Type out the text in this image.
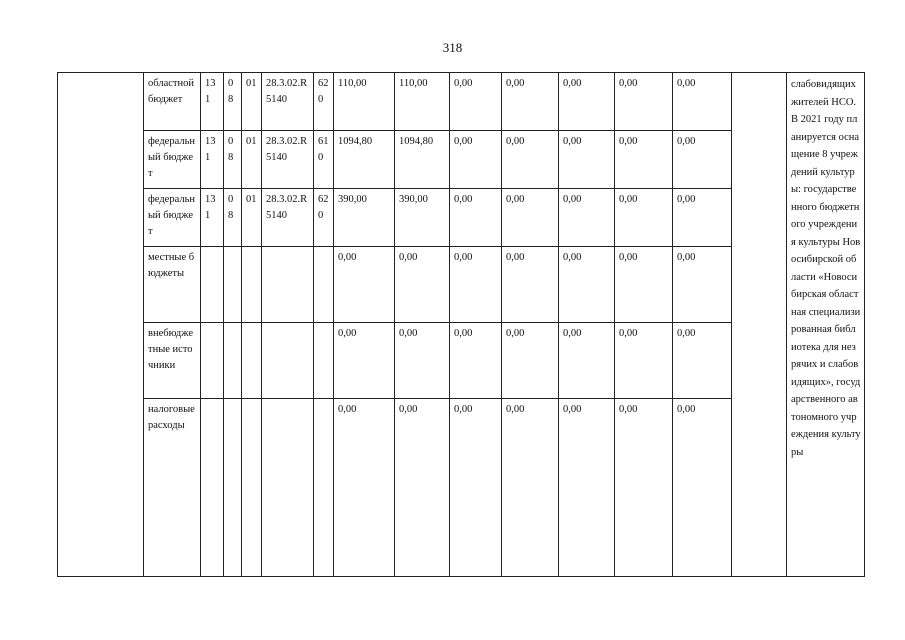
318
	областной бюджет	131	08	01	28.3.02.R5140	620	110,00	110,00	0,00	0,00	0,00	0,00	0,00		слабовидящих жителей НСО. В 2021 году планируется оснащение 8 учреждений культуры: государственного бюджетного учреждения культуры Новосибирской области «Новосибирская областная специализированная библиотека для незрячих и слабовидящих», государственного автономного учреждения культуры
	федеральный бюджет	131	08	01	28.3.02.R5140	610	1094,80	1094,80	0,00	0,00	0,00	0,00	0,00		
	федеральный бюджет	131	08	01	28.3.02.R5140	620	390,00	390,00	0,00	0,00	0,00	0,00	0,00		
	местные бюджеты						0,00	0,00	0,00	0,00	0,00	0,00	0,00		
	внебюджетные источники						0,00	0,00	0,00	0,00	0,00	0,00	0,00		
	налоговые расходы						0,00	0,00	0,00	0,00	0,00	0,00	0,00		
